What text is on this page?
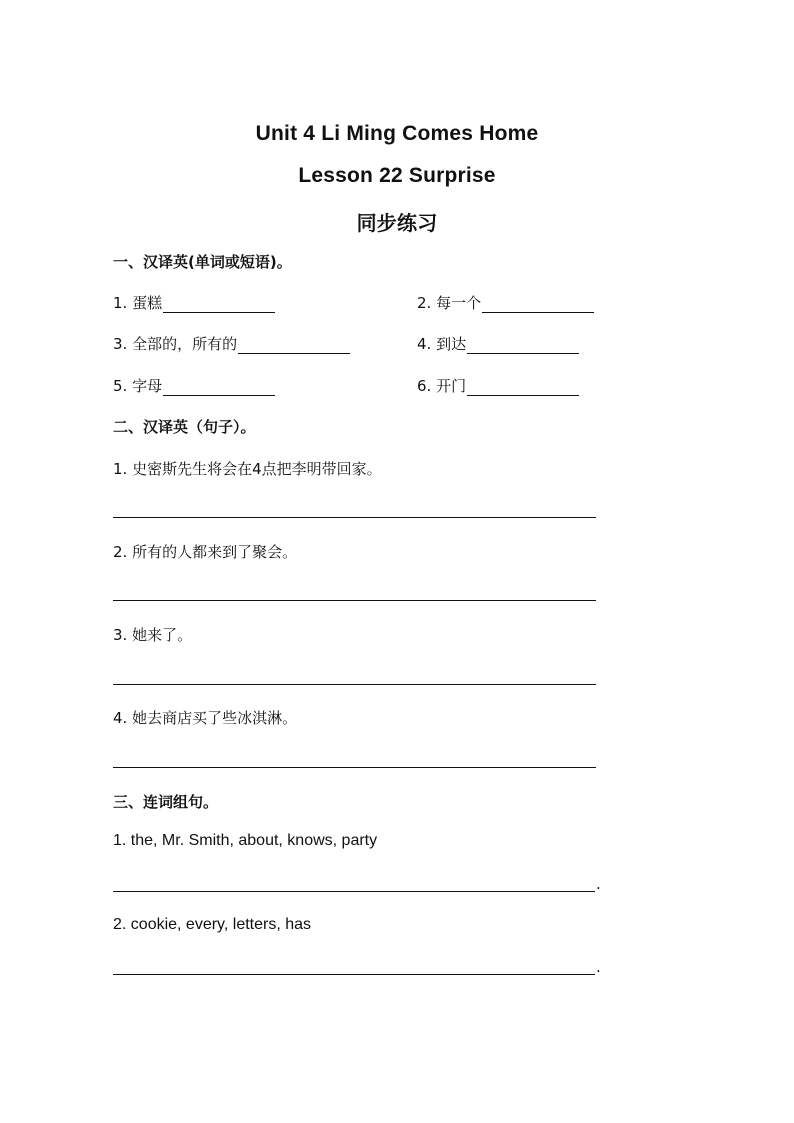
Unit 4 Li Ming Comes Home
Lesson 22 Surprise
同步练习
一、汉译英(单词或短语)。
1. 蛋糕	2. 每一个
3. 全部的，所有的	4. 到达
5. 字母	6. 开门
二、汉译英（句子）。
1. 史密斯先生将会在4点把李明带回家。
2. 所有的人都来到了聚会。
3. 她来了。
4. 她去商店买了些冰淇淋。
三、连词组句。
1. the, Mr. Smith, about, knows, party
.
2. cookie, every, letters, has
.
